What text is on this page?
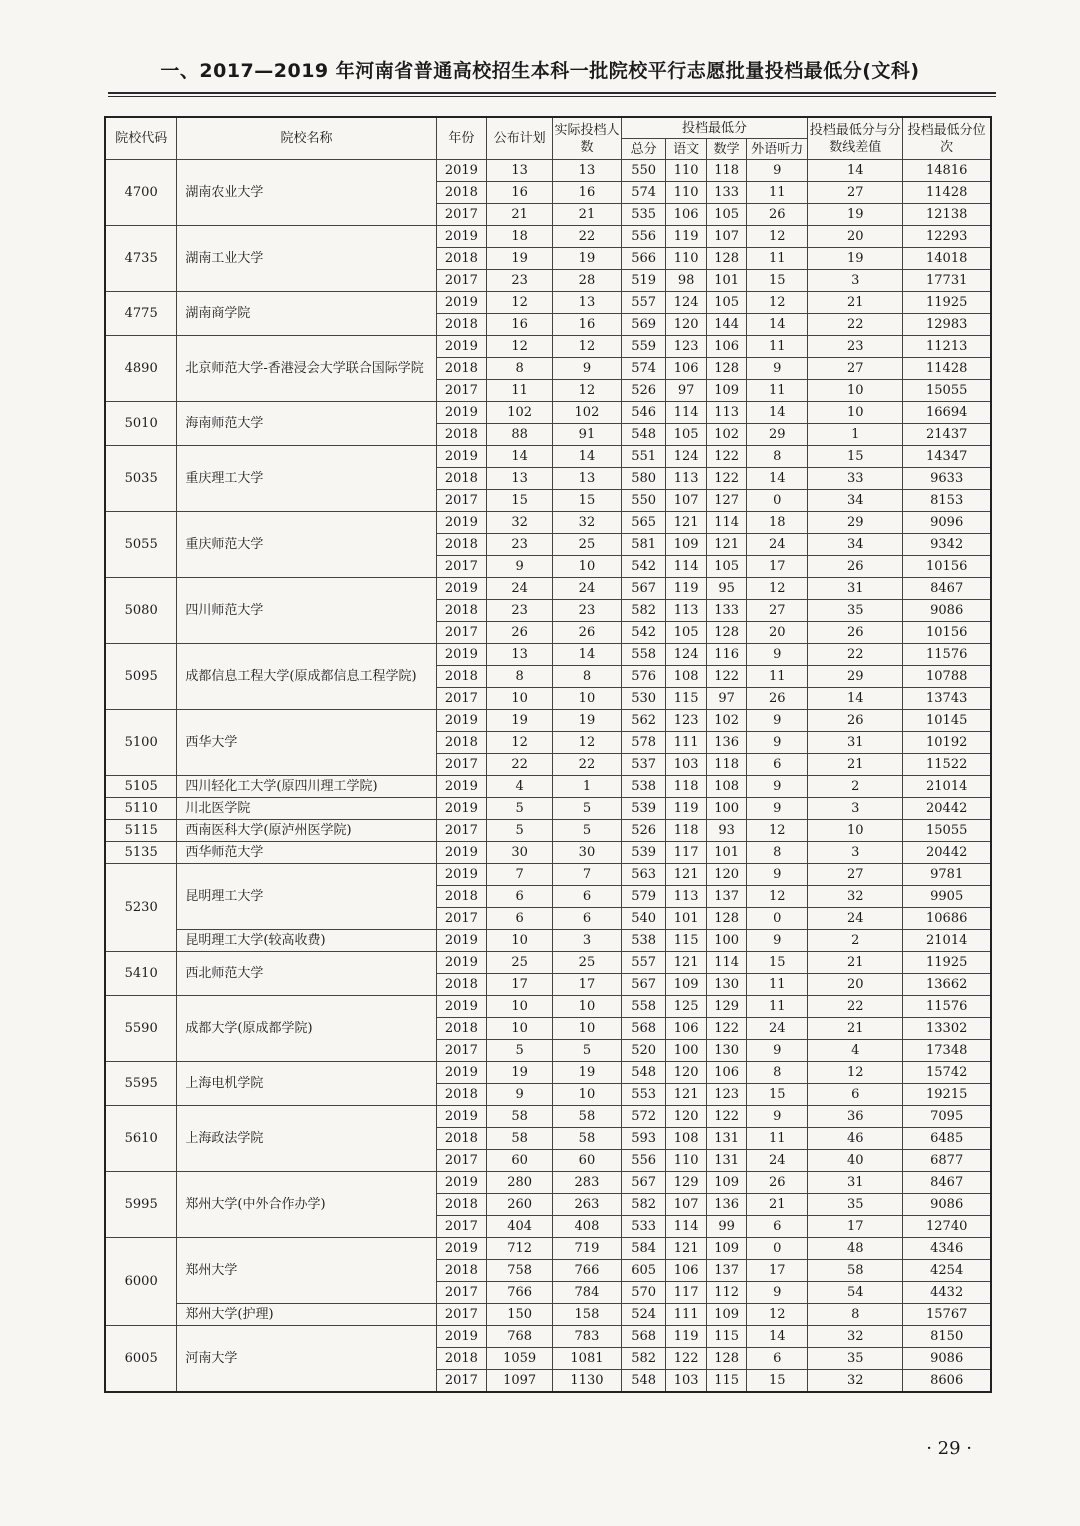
一、2017—2019 年河南省普通高校招生本科一批院校平行志愿批量投档最低分(文科)
院校代码	院校名称	年份	公布计划	实际投档人数	投档最低分				投档最低分与分数线差值	投档最低分位次
					总分	语文	数学	外语听力		
4700	湖南农业大学	2019	13	13	550	110	118	9	14	14816
		2018	16	16	574	110	133	11	27	11428
		2017	21	21	535	106	105	26	19	12138
4735	湖南工业大学	2019	18	22	556	119	107	12	20	12293
		2018	19	19	566	110	128	11	19	14018
		2017	23	28	519	98	101	15	3	17731
4775	湖南商学院	2019	12	13	557	124	105	12	21	11925
		2018	16	16	569	120	144	14	22	12983
4890	北京师范大学-香港浸会大学联合国际学院	2019	12	12	559	123	106	11	23	11213
		2018	8	9	574	106	128	9	27	11428
		2017	11	12	526	97	109	11	10	15055
5010	海南师范大学	2019	102	102	546	114	113	14	10	16694
		2018	88	91	548	105	102	29	1	21437
5035	重庆理工大学	2019	14	14	551	124	122	8	15	14347
		2018	13	13	580	113	122	14	33	9633
		2017	15	15	550	107	127	0	34	8153
5055	重庆师范大学	2019	32	32	565	121	114	18	29	9096
		2018	23	25	581	109	121	24	34	9342
		2017	9	10	542	114	105	17	26	10156
5080	四川师范大学	2019	24	24	567	119	95	12	31	8467
		2018	23	23	582	113	133	27	35	9086
		2017	26	26	542	105	128	20	26	10156
5095	成都信息工程大学(原成都信息工程学院)	2019	13	14	558	124	116	9	22	11576
		2018	8	8	576	108	122	11	29	10788
		2017	10	10	530	115	97	26	14	13743
5100	西华大学	2019	19	19	562	123	102	9	26	10145
		2018	12	12	578	111	136	9	31	10192
		2017	22	22	537	103	118	6	21	11522
5105	四川轻化工大学(原四川理工学院)	2019	4	1	538	118	108	9	2	21014
5110	川北医学院	2019	5	5	539	119	100	9	3	20442
5115	西南医科大学(原泸州医学院)	2017	5	5	526	118	93	12	10	15055
5135	西华师范大学	2019	30	30	539	117	101	8	3	20442
5230	昆明理工大学	2019	7	7	563	121	120	9	27	9781
		2018	6	6	579	113	137	12	32	9905
		2017	6	6	540	101	128	0	24	10686
	昆明理工大学(较高收费)	2019	10	3	538	115	100	9	2	21014
5410	西北师范大学	2019	25	25	557	121	114	15	21	11925
		2018	17	17	567	109	130	11	20	13662
5590	成都大学(原成都学院)	2019	10	10	558	125	129	11	22	11576
		2018	10	10	568	106	122	24	21	13302
		2017	5	5	520	100	130	9	4	17348
5595	上海电机学院	2019	19	19	548	120	106	8	12	15742
		2018	9	10	553	121	123	15	6	19215
5610	上海政法学院	2019	58	58	572	120	122	9	36	7095
		2018	58	58	593	108	131	11	46	6485
		2017	60	60	556	110	131	24	40	6877
5995	郑州大学(中外合作办学)	2019	280	283	567	129	109	26	31	8467
		2018	260	263	582	107	136	21	35	9086
		2017	404	408	533	114	99	6	17	12740
6000	郑州大学	2019	712	719	584	121	109	0	48	4346
		2018	758	766	605	106	137	17	58	4254
		2017	766	784	570	117	112	9	54	4432
	郑州大学(护理)	2017	150	158	524	111	109	12	8	15767
6005	河南大学	2019	768	783	568	119	115	14	32	8150
		2018	1059	1081	582	122	128	6	35	9086
		2017	1097	1130	548	103	115	15	32	8606
· 29 ·
